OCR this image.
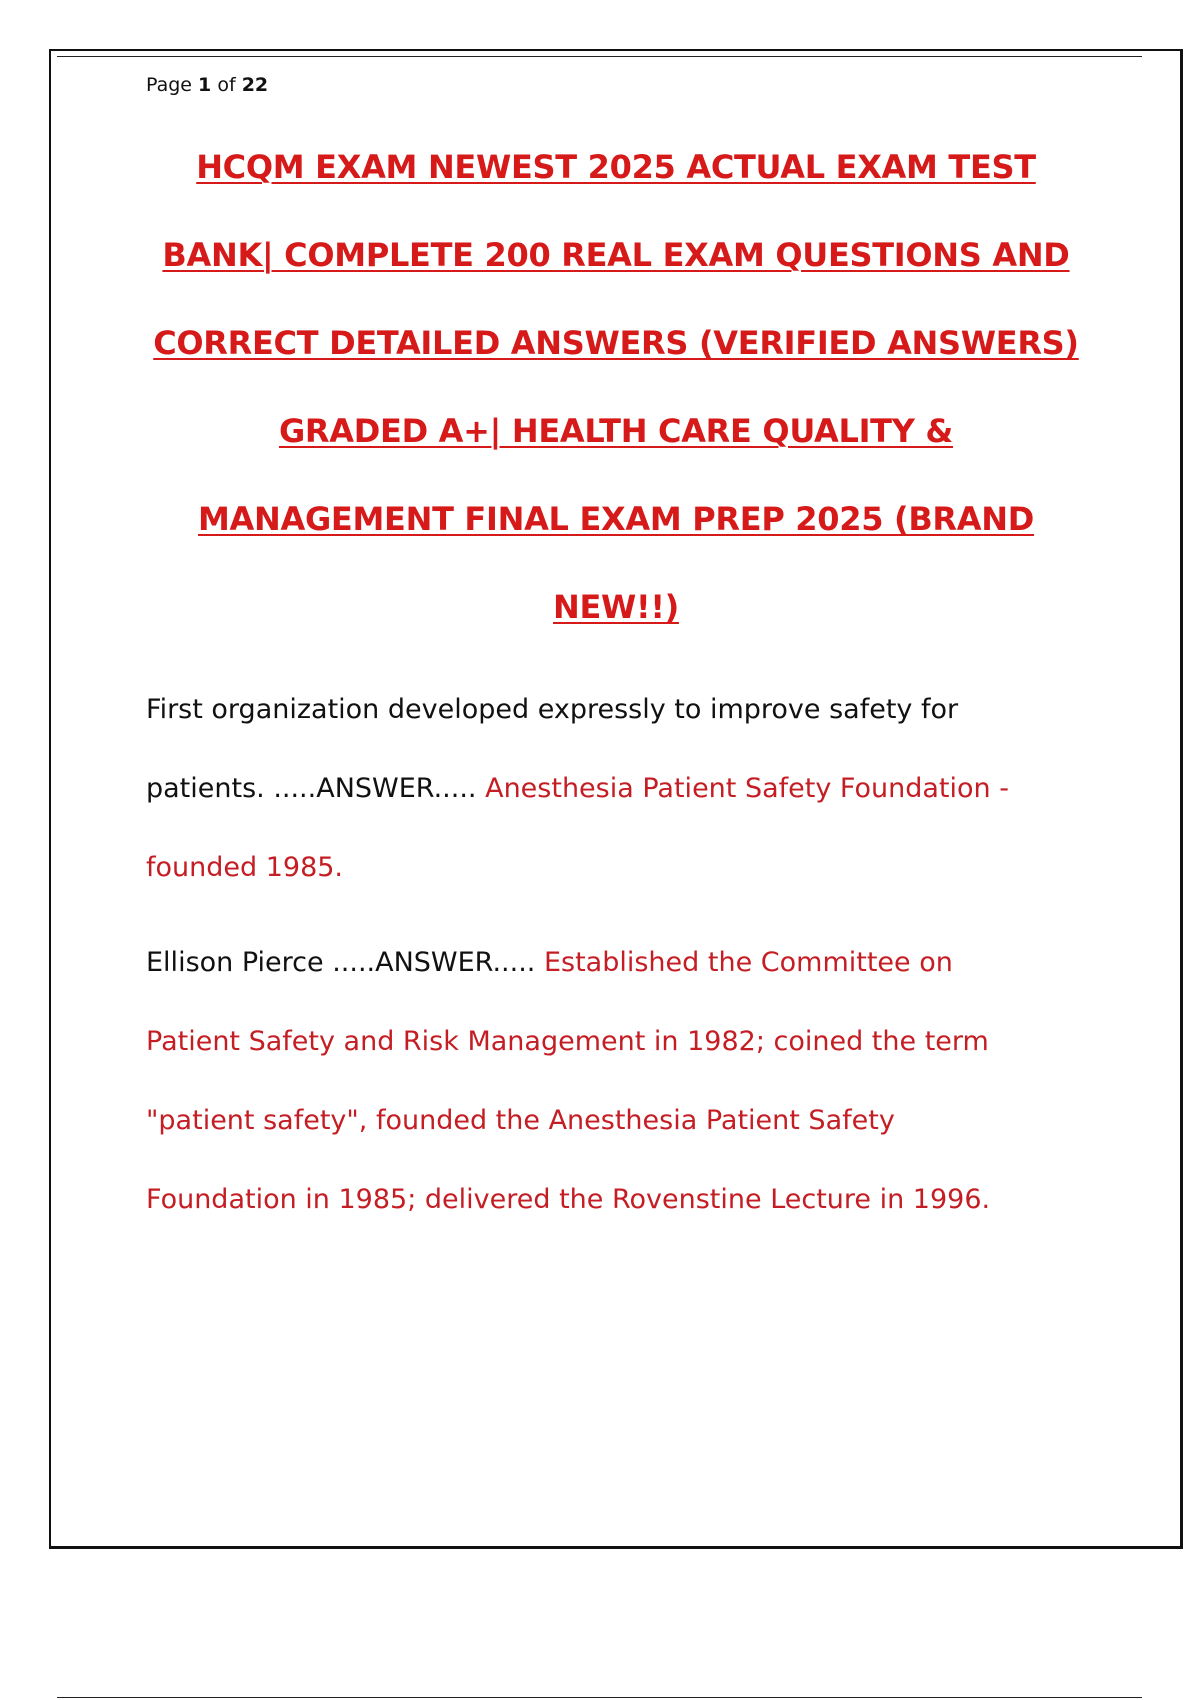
Page 1 of 22
HCQM EXAM NEWEST 2025 ACTUAL EXAM TEST
BANK| COMPLETE 200 REAL EXAM QUESTIONS AND
CORRECT DETAILED ANSWERS (VERIFIED ANSWERS)
GRADED A+| HEALTH CARE QUALITY &
MANAGEMENT FINAL EXAM PREP 2025 (BRAND
NEW!!)
First organization developed expressly to improve safety for
patients. .....ANSWER..... Anesthesia Patient Safety Foundation -
founded 1985.
Ellison Pierce .....ANSWER..... Established the Committee on
Patient Safety and Risk Management in 1982; coined the term
"patient safety", founded the Anesthesia Patient Safety
Foundation in 1985; delivered the Rovenstine Lecture in 1996.
